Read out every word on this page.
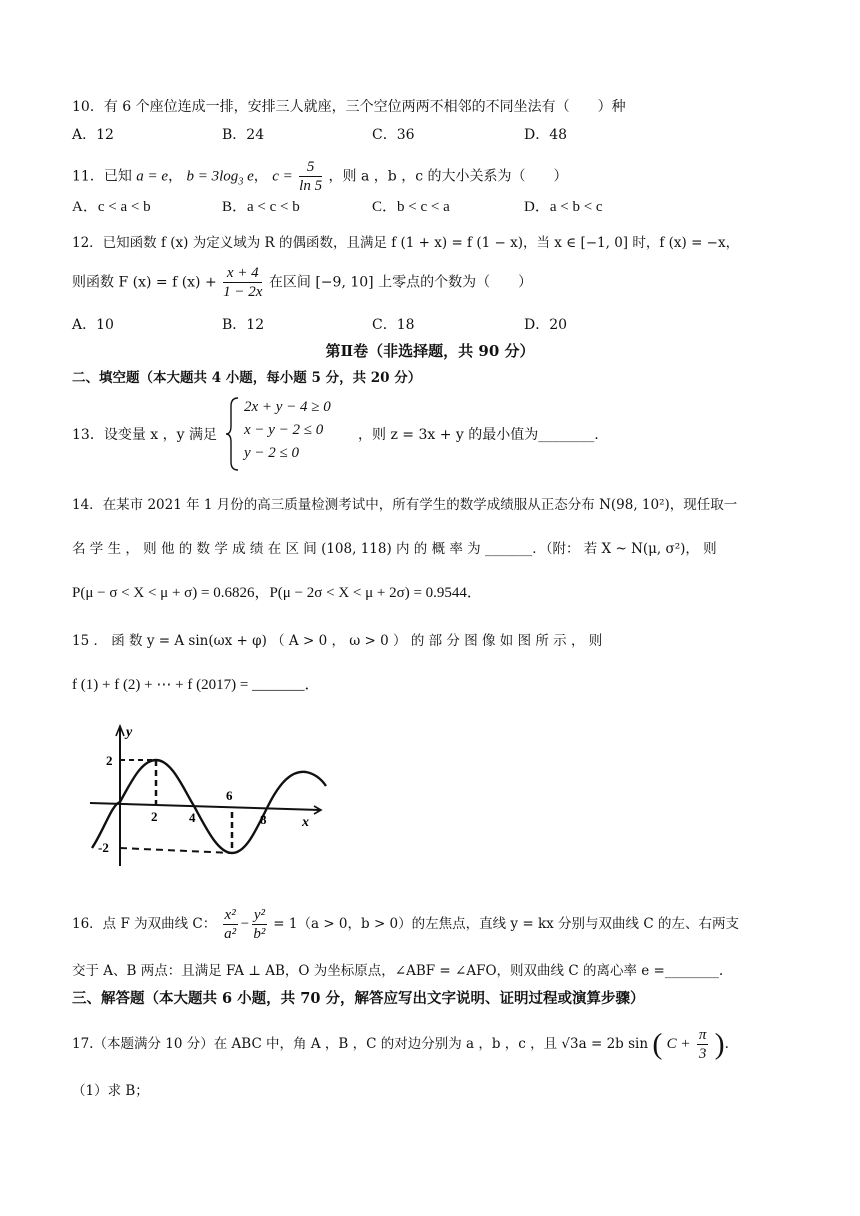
10．有 6 个座位连成一排，安排三人就座，三个空位两两不相邻的不同坐法有（　　）种
A．12	B．24	C．36	D．48
11．已知 a = e， $b = 3\log_3$ e， $c = \frac{5}{\ln 5}$ ，则 a ，b ，c 的大小关系为（　　）
A．c < a < b	B．a < c < b	C．b < c < a	D．a < b < c
12．已知函数 f (x) 为定义域为 R 的偶函数，且满足 f (1 + x) = f (1 − x)，当 x ∈ [−1, 0] 时，f (x) = −x，
则函数 F (x) = f $(x) + \frac{x + 4}{1 - 2x}$ 在区间 [−9, 10] 上零点的个数为（　　）
A．10	B．12	C．18	D．20
第Ⅱ卷（非选择题，共 90 分）
二、填空题（本大题共 4 小题，每小题 5 分，共 20 分）
13．设变量 x ，y 满足
2x + y − 4 ≥ 0
x − y − 2 ≤ 0
y − 2 ≤ 0
，则 z = 3x + y 的最小值为________.
14．在某市 2021 年 1 月份的高三质量检测考试中，所有学生的数学成绩服从正态分布 N(98, 10²)，现任取一
名 学 生 ， 则 他 的 数 学 成 绩 在 区 间 (108, 118) 内 的 概 率 为 _______．（附： 若 X ~ N(μ, σ²)， 则
P(μ − σ < X < μ + σ) = 0.6826，P(μ − 2σ < X < μ + 2σ) = 0.9544．
15 ． 函 数 y = A sin(ωx + φ) （ A > 0 ， ω > 0 ） 的 部 分 图 像 如 图 所 示 ， 则
f (1) + f (2) + ⋯ + f (2017) = _______．
y
x
2
-2
2 4
6
8
16．点 F 为双曲线 C： $\frac{\text{x²}}{\text{a²}} - \frac{\text{y²}}{\text{b²}} = 1(a > 0$，b > 0）的左焦点，直线 y = kx 分别与双曲线 C 的左、右两支
交于 A、B 两点：且满足 FA ⊥ AB，O 为坐标原点，∠ABF = ∠AFO，则双曲线 C 的离心率 e =________.
三、解答题（本大题共 6 小题，共 70 分，解答应写出文字说明、证明过程或演算步骤）
17.（本题满分 10 分）在 ABC 中，角 A ，B ，C 的对边分别为 a ，b ，c ，且 √3a = 2b sin ( $C + \frac{\pi}{3}$ ).
（1）求 B；
